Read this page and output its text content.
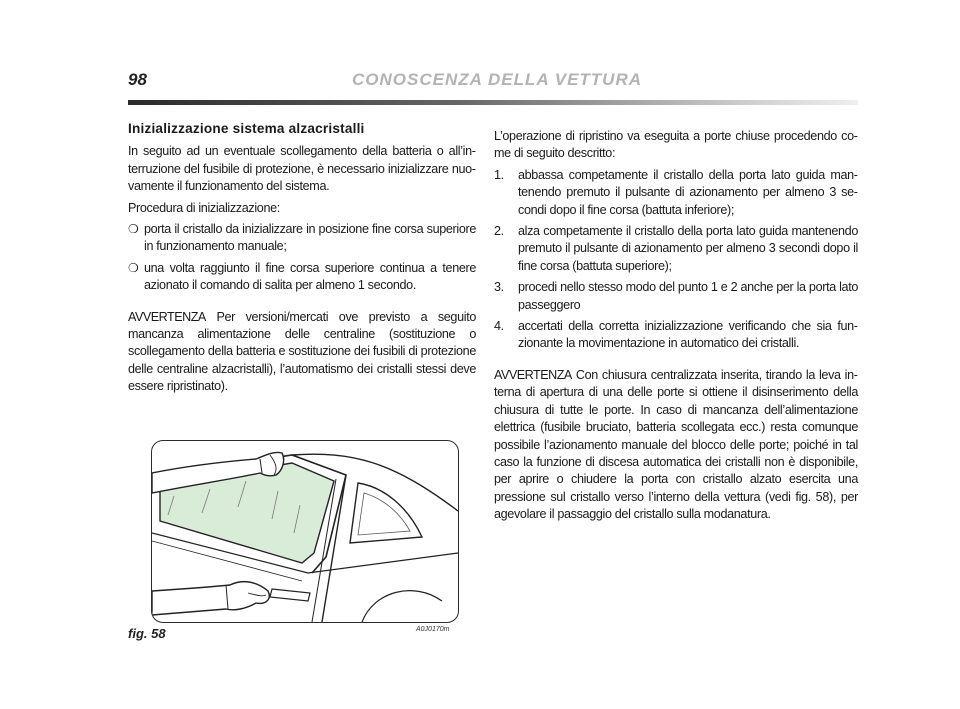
98	CONOSCENZA DELLA VETTURA
Inizializzazione sistema alzacristalli

In seguito ad un eventuale scollegamento della batteria o all’interruzione del fusibile di protezione, è necessario inizializzare nuovamente il funzionamento del sistema.

Procedura di inizializzazione:

❍ porta il cristallo da inizializzare in posizione fine corsa superiore in funzionamento manuale;
❍ una volta raggiunto il fine corsa superiore continua a tenere azionato il comando di salita per almeno 1 secondo.

AVVERTENZA Per versioni/mercati ove previsto a seguito mancanza alimentazione delle centraline (sostituzione o scollegamento della batteria e sostituzione dei fusibili di protezione delle centraline alzacristalli), l’automatismo dei cristalli stessi deve essere ripristinato).

L’operazione di ripristino va eseguita a porte chiuse procedendo come di seguito descritto:

1. abbassa competamente il cristallo della porta lato guida mantenendo premuto il pulsante di azionamento per almeno 3 secondi dopo il fine corsa (battuta inferiore);
2. alza competamente il cristallo della porta lato guida mantenendo premuto il pulsante di azionamento per almeno 3 secondi dopo il fine corsa (battuta superiore);
3. procedi nello stesso modo del punto 1 e 2 anche per la porta lato passeggero
4. accertati della corretta inizializzazione verificando che sia funzionante la movimentazione in automatico dei cristalli.

AVVERTENZA Con chiusura centralizzata inserita, tirando la leva interna di apertura di una delle porte si ottiene il disinserimento della chiusura di tutte le porte. In caso di mancanza dell’alimentazione elettrica (fusibile bruciato, batteria scollegata ecc.) resta comunque possibile l’azionamento manuale del blocco delle porte; poiché in tal caso la funzione di discesa automatica dei cristalli non è disponibile, per aprire o chiudere la porta con cristallo alzato esercita una pressione sul cristallo verso l’interno della vettura (vedi fig. 58), per agevolare il passaggio del cristallo sulla modanatura.

fig. 58	A0J0170m
